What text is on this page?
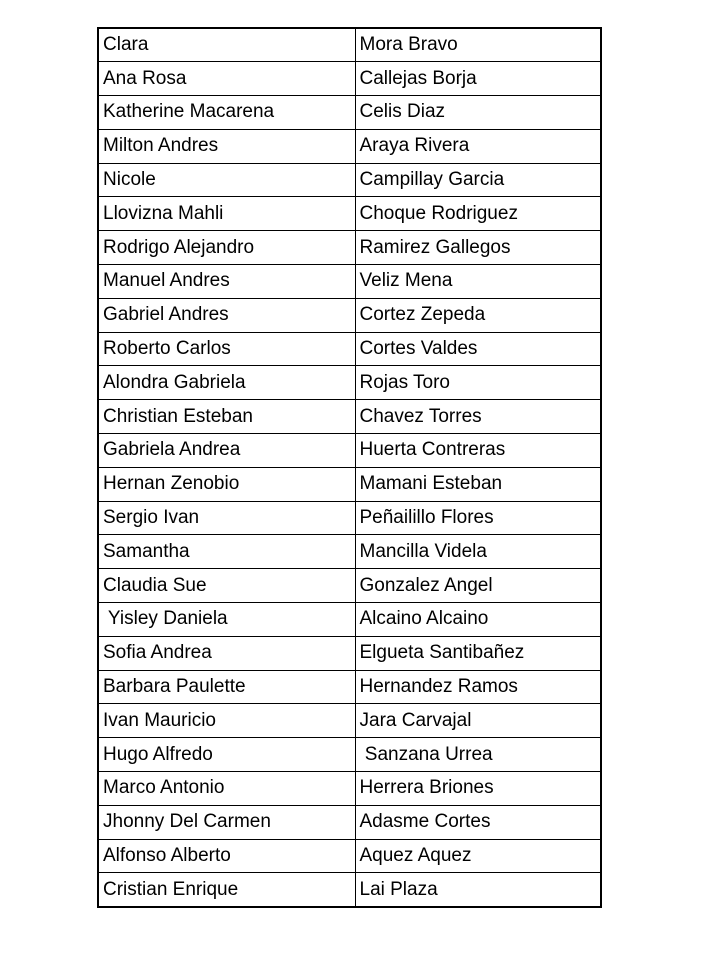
Clara	Mora Bravo
Ana Rosa	Callejas Borja
Katherine Macarena	Celis Diaz
Milton Andres	Araya Rivera
Nicole	Campillay Garcia
Llovizna Mahli	Choque Rodriguez
Rodrigo Alejandro	Ramirez Gallegos
Manuel Andres	Veliz Mena
Gabriel Andres	Cortez Zepeda
Roberto Carlos	Cortes Valdes
Alondra Gabriela	Rojas Toro
Christian Esteban	Chavez Torres
Gabriela Andrea	Huerta Contreras
Hernan Zenobio	Mamani Esteban
Sergio Ivan	Peñailillo Flores
Samantha	Mancilla Videla
Claudia Sue	Gonzalez Angel
Yisley Daniela	Alcaino Alcaino
Sofia Andrea	Elgueta Santibañez
Barbara Paulette	Hernandez Ramos
Ivan Mauricio	Jara Carvajal
Hugo Alfredo	Sanzana Urrea
Marco Antonio	Herrera Briones
Jhonny Del Carmen	Adasme Cortes
Alfonso Alberto	Aquez Aquez
Cristian Enrique	Lai Plaza
